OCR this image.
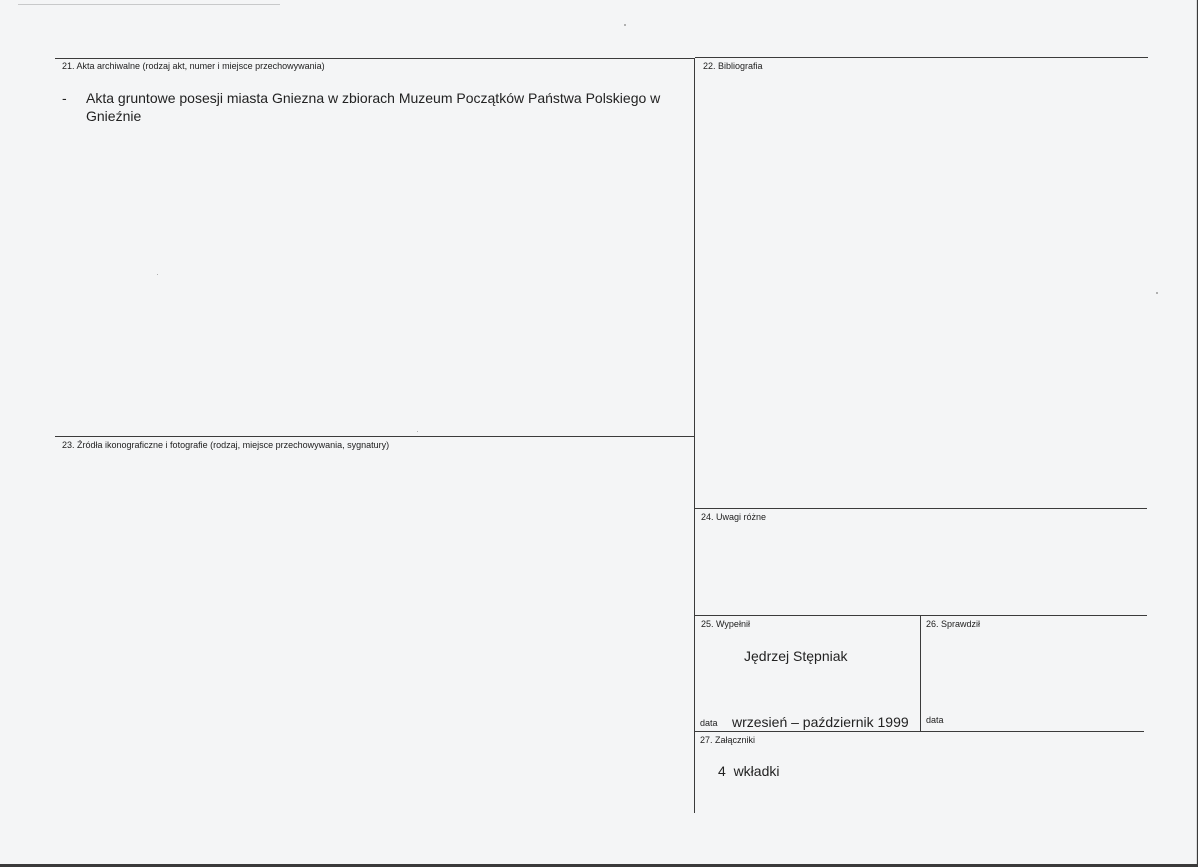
21. Akta archiwalne (rodzaj akt, numer i miejsce przechowywania)
- Akta gruntowe posesji miasta Gniezna w zbiorach Muzeum Początków Państwa Polskiego w Gnieźnie
22. Bibliografia
23. Źródła ikonograficzne i fotografie (rodzaj, miejsce przechowywania, sygnatury)
24. Uwagi różne
25. Wypełnił
Jędrzej Stępniak
data wrzesień – październik 1999
26. Sprawdził
data
27. Załączniki
4  wkładki
